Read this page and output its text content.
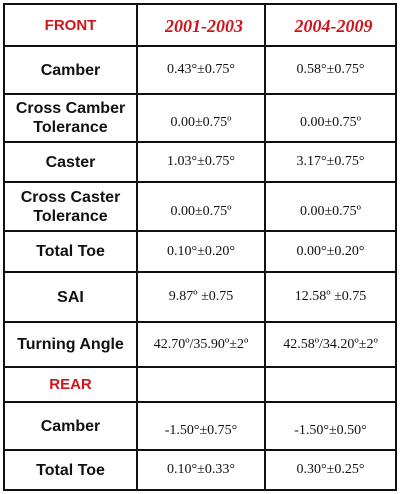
FRONT	2001-2003	2004-2009
Camber	0.43°±0.75°	0.58°±0.75°

Cross Camber
Tolerance	0.00±0.75º	0.00±0.75º
Caster	1.03°±0.75°	3.17°±0.75°

Cross Caster
Tolerance	0.00±0.75º	0.00±0.75º
Total Toe	0.10°±0.20°	0.00°±0.20°
SAI	9.87º ±0.75	12.58º ±0.75
Turning Angle	42.70º/35.90º±2º	42.58º/34.20º±2º
REAR		
Camber	-1.50°±0.75°	-1.50°±0.50°
Total Toe	0.10°±0.33°	0.30°±0.25°
